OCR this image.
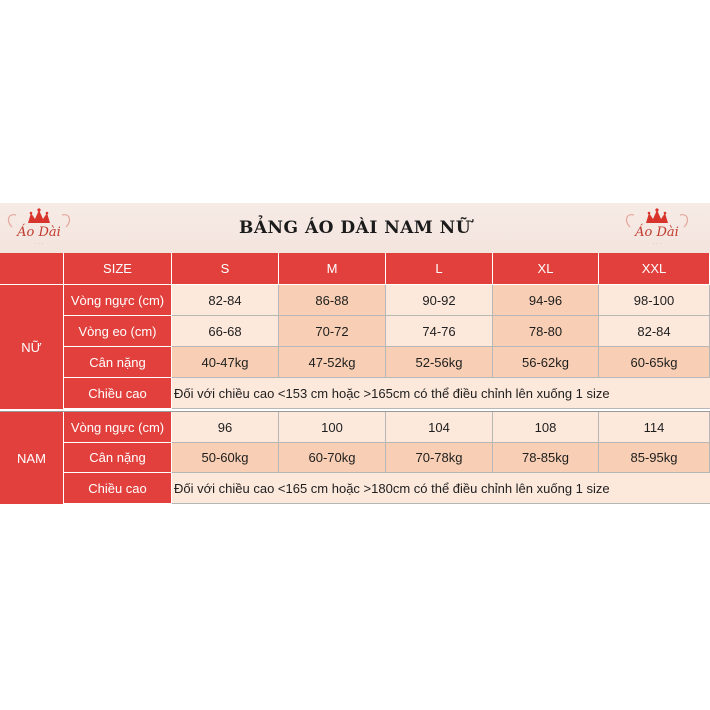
Áo Dài
∙ ∙ ∙
BẢNG ÁO DÀI NAM NỮ	Áo Dài
∙ ∙ ∙
SIZE	S	M	L	XL	XXL
NỮ
Vòng ngực (cm)	82-84	86-88	90-92	94-96	98-100
Vòng eo (cm)	66-68	70-72	74-76	78-80	82-84
Cân nặng	40-47kg	47-52kg	52-56kg	56-62kg	60-65kg
Chiều cao	Đối với chiều cao <153 cm hoặc >165cm có thể điều chỉnh lên xuống 1 size
NAM
Vòng ngực (cm)	96	100	104	108	114
Cân nặng	50-60kg	60-70kg	70-78kg	78-85kg	85-95kg
Chiều cao	Đối với chiều cao <165 cm hoặc >180cm có thể điều chỉnh lên xuống 1 size
